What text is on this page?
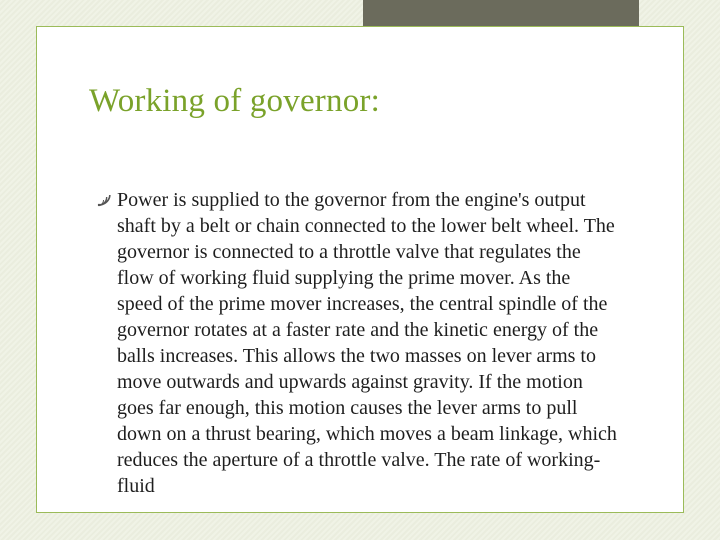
Working of governor:

Power is supplied to the governor from the engine's output shaft by a belt or chain connected to the lower belt wheel. The governor is connected to a throttle valve that regulates the flow of working fluid supplying the prime mover. As the speed of the prime mover increases, the central spindle of the governor rotates at a faster rate and the kinetic energy of the balls increases. This allows the two masses on lever arms to move outwards and upwards against gravity. If the motion goes far enough, this motion causes the lever arms to pull down on a thrust bearing, which moves a beam linkage, which reduces the aperture of a throttle valve. The rate of working-fluid
